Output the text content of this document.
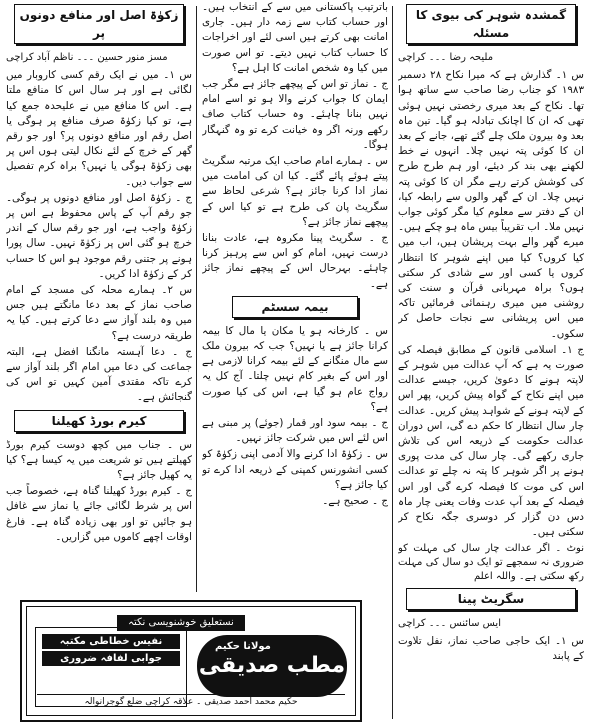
گمشدہ شوہر کی بیوی کا مسئلہ
ملیحہ رضا ۔۔۔ کراچی

س ۱۔ گذارش ہے کہ میرا نکاح ۲۸ دسمبر ۱۹۸۳ کو جناب رضا صاحب سے ساتھ ہوا تھا۔ نکاح کے بعد میری رخصتی نہیں ہوئی تھی کہ ان کا اچانک تبادلہ ہو گیا۔ تین ماہ بعد وہ بیرون ملک چلے گئے تھے، جانے کے بعد ان کا کوئی پتہ نہیں چلا۔ انہوں نے خط لکھنے بھی بند کر دیئے، اور ہم طرح طرح کی کوشش کرتے رہے مگر ان کا کوئی پتہ نہیں چلا۔ ان کے گھر والوں سے رابطہ کیا، ان کے دفتر سے معلوم کیا مگر کوئی جواب نہیں ملا۔ اب تقریباً بیس ماہ ہو چکے ہیں۔ میرے گھر والے بہت پریشان ہیں، اب میں کیا کروں؟ کیا میں اپنے شوہر کا انتظار کروں یا کسی اور سے شادی کر سکتی ہوں؟ براہ مہربانی قرآن و سنت کی روشنی میں میری رہنمائی فرمائیں تاکہ میں اس پریشانی سے نجات حاصل کر سکوں۔

ج ۱۔ اسلامی قانون کے مطابق فیصلہ کی صورت یہ ہے کہ آپ عدالت میں شوہر کے لاپتہ ہونے کا دعویٰ کریں، جیسے عدالت میں اپنے نکاح کے گواہ پیش کریں، پھر اس کے لاپتہ ہونے کے شواہد پیش کریں۔ عدالت چار سال انتظار کا حکم دے گی، اس دوران عدالت حکومت کے ذریعہ اس کی تلاش جاری رکھے گی۔ چار سال کی مدت پوری ہونے پر اگر شوہر کا پتہ نہ چلے تو عدالت اس کی موت کا فیصلہ کرے گی اور اس فیصلہ کے بعد آپ عدت وفات یعنی چار ماہ دس دن گزار کر دوسری جگہ نکاح کر سکتی ہیں۔

نوٹ ۔ اگر عدالت چار سال کی مہلت کو ضروری نہ سمجھے تو ایک دو سال کی مہلت رکھ سکتی ہے۔ واللہ اعلم

سگریٹ پینا
ایس سائنس ۔۔۔ کراچی

س ۱۔ ایک حاجی صاحب نماز، نفل تلاوت کے پابند

باترتیب پاکستانی میں سے کے انتخاب ہیں۔ اور حساب کتاب سے زمہ دار ہیں۔ جاری امانت بھی کرتے ہیں اسی لئے اور اخراجات کا حساب کتاب نہیں دیتے۔ تو اس صورت میں کیا وہ شخص امانت کا اہل ہے؟

ج ۔ نماز تو اس کے پیچھے جائز ہے مگر جب ایمان کا جواب کرنے والا ہو تو اسے امام نہیں بنانا چاہئے۔ وہ حساب کتاب صاف رکھے ورنہ اگر وہ خیانت کرے تو وہ گنہگار ہوگا۔

س ۔ ہمارے امام صاحب ایک مرتبہ سگریٹ پیتے ہوئے پائے گئے۔ کیا ان کی امامت میں نماز ادا کرنا جائز ہے؟ شرعی لحاظ سے سگریٹ پان کی طرح ہے تو کیا اس کے پیچھے نماز جائز ہے؟

ج ۔ سگریٹ پینا مکروہ ہے، عادت بنانا درست نہیں، امام کو اس سے پرہیز کرنا چاہئے۔ بہرحال اس کے پیچھے نماز جائز ہے۔

بیمہ سسٹم

س ۔ کارخانہ ہو یا مکان یا مال کا بیمہ کرانا جائز ہے یا نہیں؟ جب کہ بیرون ملک سے مال منگانے کے لئے بیمہ کرانا لازمی ہے اور اس کے بغیر کام نہیں چلتا۔ آج کل یہ رواج عام ہو گیا ہے، اس کی کیا صورت ہے؟

ج ۔ بیمہ سود اور قمار (جوئے) پر مبنی ہے اس لئے اس میں شرکت جائز نہیں۔

س ۔ زکوٰۃ ادا کرنے والا آدمی اپنی زکوٰۃ کو کسی انشورنس کمپنی کے ذریعہ ادا کرے تو کیا جائز ہے؟

ج ۔ صحیح ہے۔

زکوٰۃ اصل اور منافع دونوں پر
مسز منور حسین ۔۔۔ ناظم آباد کراچی

س ۱۔ میں نے ایک رقم کسی کاروبار میں لگائی ہے اور ہر سال اس کا منافع ملتا ہے۔ اس کا منافع میں نے علیحدہ جمع کیا ہے، تو کیا زکوٰۃ صرف منافع پر ہوگی یا اصل رقم اور منافع دونوں پر؟ اور جو رقم گھر کے خرچ کے لئے نکال لیتی ہوں اس پر بھی زکوٰۃ ہوگی یا نہیں؟ براہ کرم تفصیل سے جواب دیں۔

ج ۔ زکوٰۃ اصل اور منافع دونوں پر ہوگی۔ جو رقم آپ کے پاس محفوظ ہے اس پر زکوٰۃ واجب ہے، اور جو رقم سال کے اندر خرچ ہو گئی اس پر زکوٰۃ نہیں۔ سال پورا ہونے پر جتنی رقم موجود ہو اس کا حساب کر کے زکوٰۃ ادا کریں۔

س ۲۔ ہمارے محلہ کی مسجد کے امام صاحب نماز کے بعد دعا مانگتے ہیں جس میں وہ بلند آواز سے دعا کرتے ہیں۔ کیا یہ طریقہ درست ہے؟

ج ۔ دعا آہستہ مانگنا افضل ہے، البتہ جماعت کی دعا میں امام اگر بلند آواز سے کرے تاکہ مقتدی آمین کہیں تو اس کی گنجائش ہے۔

کیرم بورڈ کھیلنا

س ۔ جناب میں کچھ دوست کیرم بورڈ کھیلتے ہیں تو شریعت میں یہ کیسا ہے؟ کیا یہ کھیل جائز ہے؟

ج ۔ کیرم بورڈ کھیلنا گناہ ہے، خصوصاً جب اس پر شرط لگائی جائے یا نماز سے غافل ہو جائیں تو اور بھی زیادہ گناہ ہے۔ فارغ اوقات اچھے کاموں میں گزاریں۔

نستعلیق خوشنویسی نکتہ
نفیس خطاطی مکتبہ
جوابی لفافہ ضروری
مولانا حکیم
مطب صدیقی
حکیم محمد احمد صدیقی ۔ علاقہ کراچی ضلع گوجرانوالہ
